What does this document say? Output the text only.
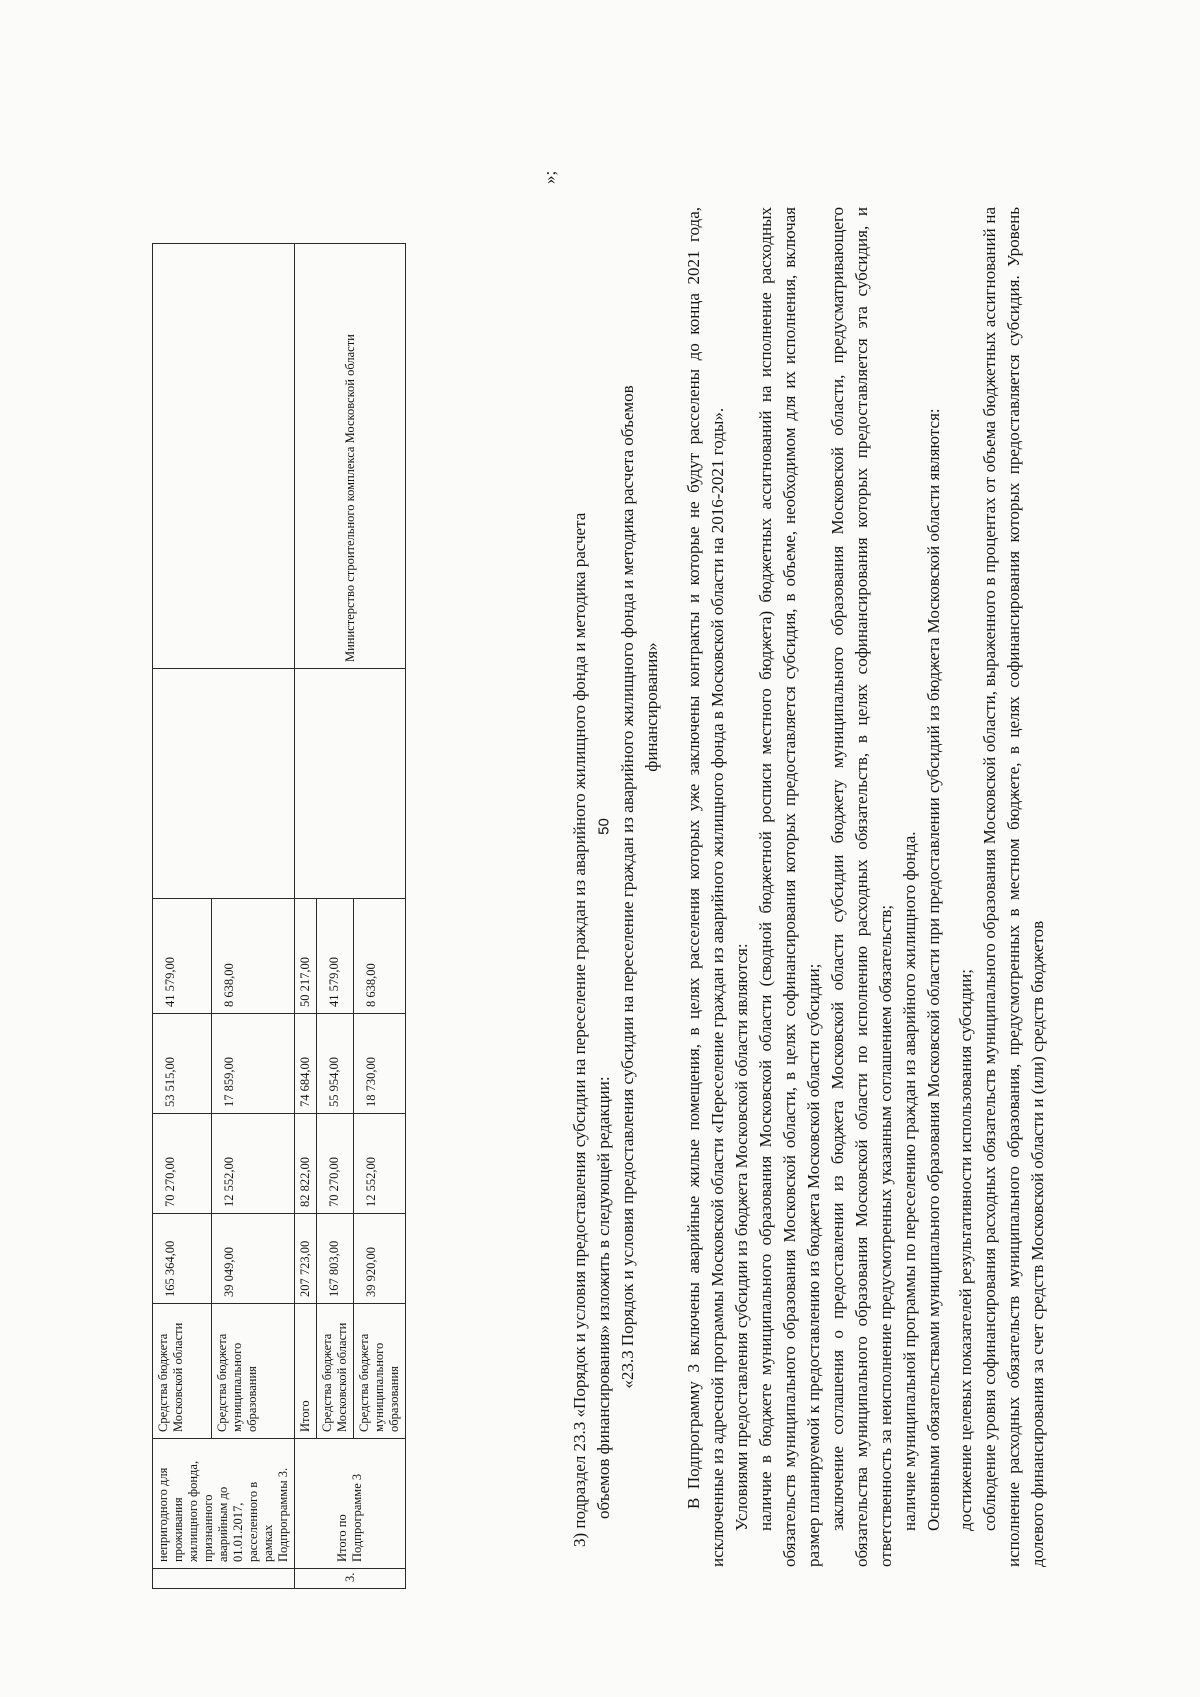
50
	непригодного для проживания жилищного фонда, признанного аварийным до 01.01.2017, расселенного в рамках Подпрограммы 3.	Средства бюджета Московской области	165 364,00	70 270,00	53 515,00	41 579,00		
		Средства бюджета муниципального образования	39 049,00	12 552,00	17 859,00	8 638,00		
3.	Итого по Подпрограмме 3	Итого	207 723,00	82 822,00	74 684,00	50 217,00		Министерство строительного комплекса Московской области
		Средства бюджета Московской области	167 803,00	70 270,00	55 954,00	41 579,00		
		Средства бюджета муниципального образования	39 920,00	12 552,00	18 730,00	8 638,00		
»;

3) подраздел 23.3 «Порядок и условия предоставления субсидии на переселение граждан из аварийного жилищного фонда и методика расчета объемов финансирования» изложить в следующей редакции: «23.3 Порядок и условия предоставления субсидии на переселение граждан из аварийного жилищного фонда и методика расчета объемов финансирования» В Подпрограмму 3 включены аварийные жилые помещения, в целях расселения которых уже заключены контракты и которые не будут расселены до конца 2021 года, исключенные из адресной программы Московской области «Переселение граждан из аварийного жилищного фонда в Московской области на 2016-2021 годы». Условиями предоставления субсидии из бюджета Московской области являются: наличие в бюджете муниципального образования Московской области (сводной бюджетной росписи местного бюджета) бюджетных ассигнований на исполнение расходных обязательств муниципального образования Московской области, в целях софинансирования которых предоставляется субсидия, в объеме, необходимом для их исполнения, включая размер планируемой к предоставлению из бюджета Московской области субсидии; заключение соглашения о предоставлении из бюджета Московской области субсидии бюджету муниципального образования Московской области, предусматривающего обязательства муниципального образования Московской области по исполнению расходных обязательств, в целях софинансирования которых предоставляется эта субсидия, и ответственность за неисполнение предусмотренных указанным соглашением обязательств; наличие муниципальной программы по переселению граждан из аварийного жилищного фонда. Основными обязательствами муниципального образования Московской области при предоставлении субсидий из бюджета Московской области являются: достижение целевых показателей результативности использования субсидии; соблюдение уровня софинансирования расходных обязательств муниципального образования Московской области, выраженного в процентах от объема бюджетных ассигнований на исполнение расходных обязательств муниципального образования, предусмотренных в местном бюджете, в целях софинансирования которых предоставляется субсидия. Уровень долевого финансирования за счет средств Московской области и (или) средств бюджетов
